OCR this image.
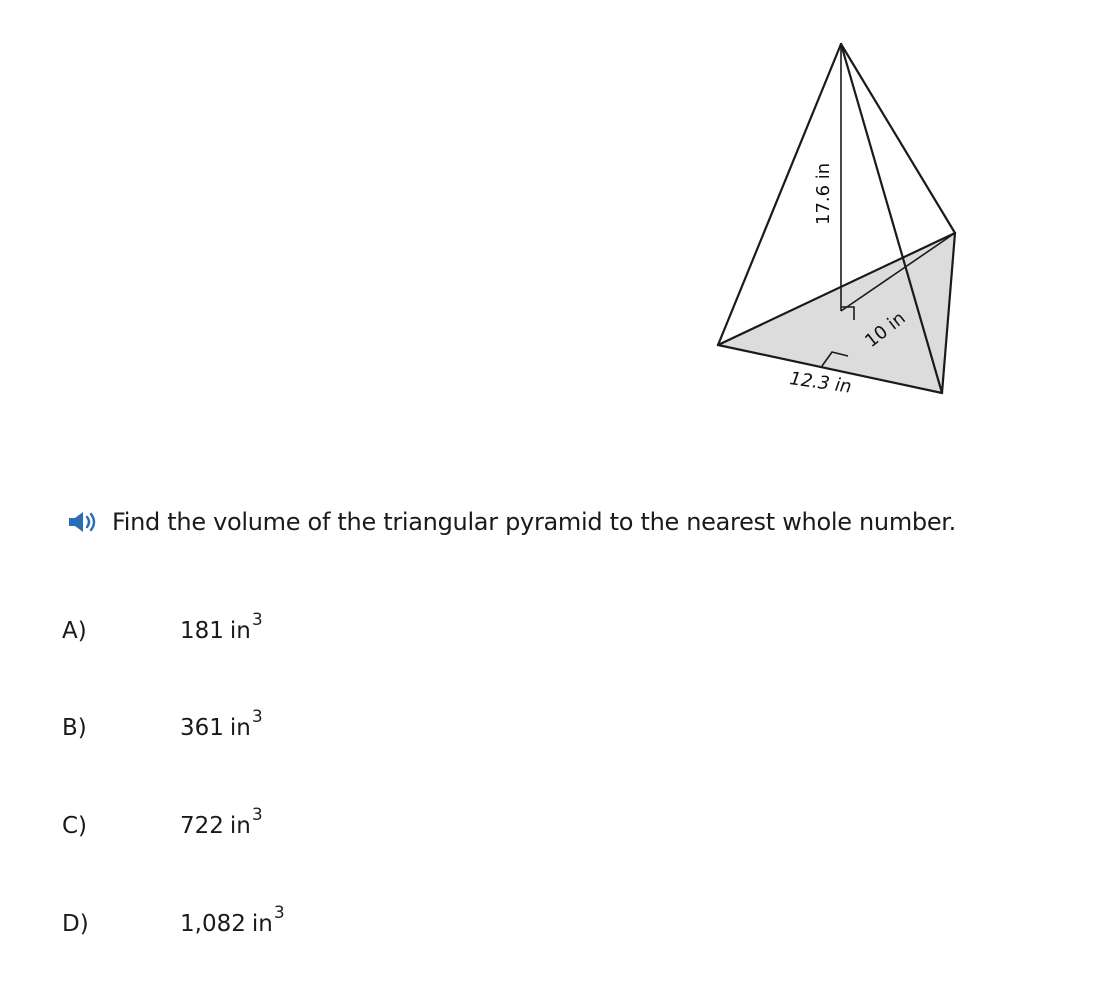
17.6 in
10 in
12.3 in
Find the volume of the triangular pyramid to the nearest whole number.
A)	181 in 3
B)	361 in 3
C)	722 in 3
D)	1,082 in 3
